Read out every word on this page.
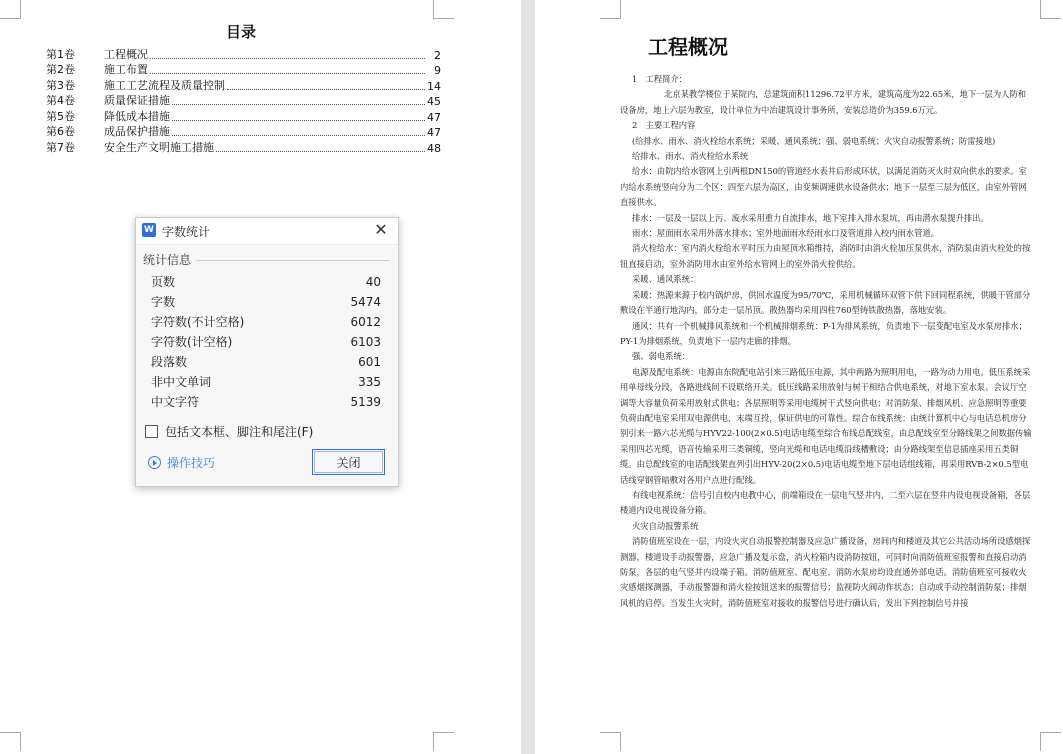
目录
第1卷	工程概况	2
第2卷	施工布置	9
第3卷	施工工艺流程及质量控制	14
第4卷	质量保证措施	45
第5卷	降低成本措施	47
第6卷	成品保护措施	47
第7卷	安全生产文明施工措施	48
工程概况

1　工程简介：

北京某教学楼位于某院内，总建筑面积11296.72平方米，建筑高度为22.65米，地下一层为人防和设备房，地上六层为教室，设计单位为中冶建筑设计事务所，安装总造价为359.6万元。

2　主要工程内容

(给排水、雨水、消火栓给水系统；采暖、通风系统；强、弱电系统；火灾自动报警系统；防雷接地)

给排水、雨水、消火栓给水系统

给水：由院内给水管网上引两根DN150的管道经水表井后形成环状，以满足消防灭火时双向供水的要求。室内给水系统竖向分为二个区：四至六层为高区，由变频调速供水设备供水；地下一层至三层为低区，由室外管网直接供水。

排水：一层及一层以上污、废水采用重力自流排水，地下室排入排水泵坑，再由潜水泵提升排出。

雨水：屋面雨水采用外落水排水；室外地面雨水经雨水口及管道排入校内雨水管道。

消火栓给水：室内消火栓给水平时压力由屋顶水箱维持，消防时由消火栓加压泵供水，消防泵由消火栓处的按钮直接启动，室外消防用水由室外给水管网上的室外消火栓供给。

采暖、通风系统：

采暖：热源来源于校内锅炉房，供回水温度为95/70℃，采用机械循环双管下供下回同程系统，供暖干管部分敷设在半通行地沟内，部分走一层吊顶。散热器均采用四柱760型铸铁散热器，落地安装。

通风：共有一个机械排风系统和一个机械排烟系统：P-1为排风系统，负责地下一层变配电室及水泵房排水；PY-1为排烟系统，负责地下一层内走廊的排烟。

强、弱电系统：

电源及配电系统：电源由东院配电站引来三路低压电源，其中两路为照明用电，一路为动力用电。低压系统采用单母线分段，各路进线间不设联络开关。低压线路采用放射与树干相结合供电系统，对地下室水泵、会议厅空调等大容量负荷采用放射式供电；各层照明等采用电缆树干式竖向供电；对消防泵、排烟风机、应急照明等重要负荷由配电室采用双电源供电，末端互投，保证供电的可靠性。综合布线系统：由统计算机中心与电话总机房分别引来一路六芯光缆与HYV22-100(2×0.5)电话电缆至综合布线总配线室，由总配线室至分路线架之间数据传输采用四芯光缆，语音传输采用三类铜缆，竖向光缆和电话电缆沿线槽敷设；由分路线架至信息插座采用五类铜缆。由总配线室的电话配线架直列引出HYV-20(2×0.5)电话电缆至地下层电话组线箱，再采用RVB-2×0.5型电话线穿钢管暗敷对各用户点进行配线。

有线电视系统：信号引自校内电教中心，前端箱设在一层电气竖井内，二至六层在竖井内设电视设备箱，各层楼道内设电视设备分箱。

火灾自动报警系统

消防值班室设在一层，内设火灾自动报警控制器及应急广播设备，房间内和楼道及其它公共活动场所设感烟探测器，楼道设手动报警器，应急广播及复示盘，消火栓箱内设消防按钮，可同时向消防值班室报警和直接启动消防泵，各层的电气竖井内设端子箱。消防值班室、配电室、消防水泵房均设直通外部电话。消防值班室可接收火灾感烟探测器，手动报警器和消火栓按钮送来的报警信号；监视防火阀动作状态；自动或手动控制消防泵；排烟风机的启停。当发生火灾时，消防值班室对接收的报警信号进行确认后，发出下列控制信号并接

W 字数统计	✕
统计信息
页数	40
字数	5474
字符数(不计空格)	6012
字符数(计空格)	6103
段落数	601
非中文单词	335
中文字符	5139
包括文本框、脚注和尾注(F)
操作技巧	关闭
